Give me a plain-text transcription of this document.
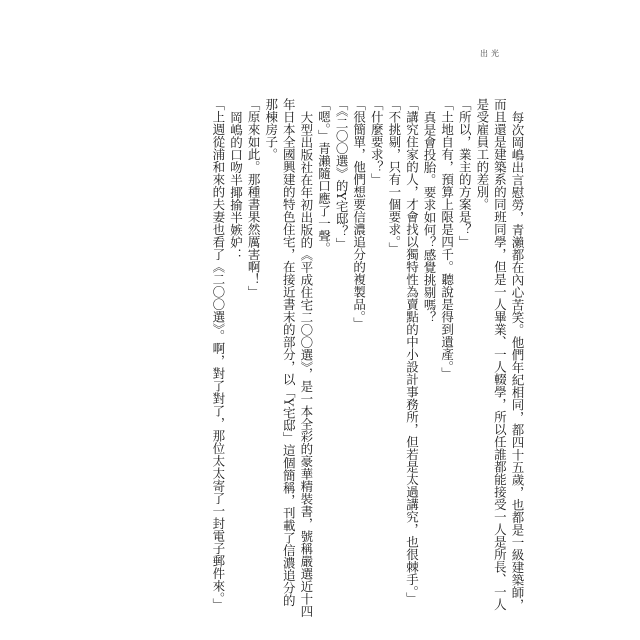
出光

每次岡嶋出言慰勞，青瀨都在內心苦笑。他們年紀相同，都四十五歲，也都是一級建築師，而且還是建築系的同班同學，但是一人畢業、一人輟學，所以任誰都能接受一人是所長、一人是受雇員工的差別。

「所以，業主的方案是？」

「土地自有，預算上限是四千。聽說是得到遺產。」

真是會投胎。要求如何？感覺挑剔嗎？

「講究住家的人，才會找以獨特性為賣點的中小設計事務所，但若是太過講究，也很棘手。」

「不挑剔，只有一個要求。」

「什麼要求？」

「很簡單，他們想要信濃追分的複製品。」

「《二〇〇選》的Y宅邸？」

「嗯。」青瀨隨口應了一聲。

大型出版社在年初出版的《平成住宅二〇〇選》，是一本全彩的豪華精裝書，號稱嚴選近十四年日本全國興建的特色住宅，在接近書末的部分，以「Y宅邸」這個簡稱，刊載了信濃追分的那棟房子。

「原來如此。那種書果然厲害啊！」

岡嶋的口吻半揶揄半嫉妒：

「上週從浦和來的夫妻也看了《二〇〇選》。啊，對了對了，那位太太寄了一封電子郵件來。」
